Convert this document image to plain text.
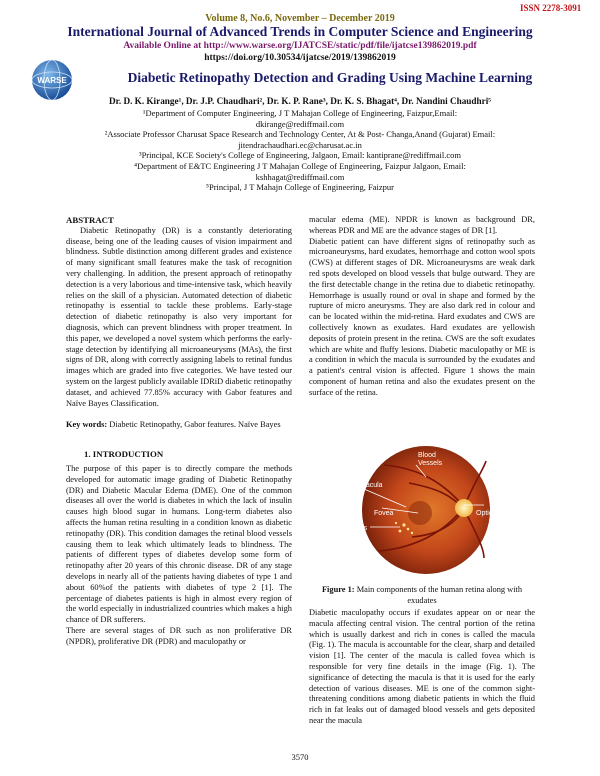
ISSN 2278-3091
Volume 8, No.6, November – December 2019
International Journal of Advanced Trends in Computer Science and Engineering
Available Online at http://www.warse.org/IJATCSE/static/pdf/file/ijatcse139862019.pdf
https://doi.org/10.30534/ijatcse/2019/139862019
WARSE	Diabetic Retinopathy Detection and Grading Using Machine Learning
Dr. D. K. Kirange¹, Dr. J.P. Chaudhari², Dr. K. P. Rane³, Dr. K. S. Bhagat⁴, Dr. Nandini Chaudhri⁵
¹Department of Computer Engineering, J T Mahajan College of Engineering, Faizpur,Email:
dkirange@rediffmail.com
²Associate Professor Charusat Space Research and Technology Center, At & Post- Changa,Anand (Gujarat) Email:
jitendrachaudhari.ec@charusat.ac.in
³Principal, KCE Society's College of Engineering, Jalgaon, Email: kantiprane@rediffmail.com
⁴Department of E&TC Engineering J T Mahajan College of Engineering, Faizpur Jalgaon, Email:
kshhagat@rediffmail.com
⁵Principal, J T Mahajn College of Engineering, Faizpur

ABSTRACT

Diabetic Retinopathy (DR) is a constantly deteriorating disease, being one of the leading causes of vision impairment and blindness. Subtle distinction among different grades and existence of many significant small features make the task of recognition very challenging. In addition, the present approach of retinopathy detection is a very laborious and time-intensive task, which heavily relies on the skill of a physician. Automated detection of diabetic retinopathy is essential to tackle these problems. Early-stage detection of diabetic retinopathy is also very important for diagnosis, which can prevent blindness with proper treatment. In this paper, we developed a novel system which performs the early-stage detection by identifying all microaneurysms (MAs), the first signs of DR, along with correctly assigning labels to retinal fundus images which are graded into five categories. We have tested our system on the largest publicly available IDRiD diabetic retinopathy dataset, and achieved 77.85% accuracy with Gabor features and Naïve Bayes Classification.

Key words: Diabetic Retinopathy, Gabor features. Naïve Bayes

1. INTRODUCTION

The purpose of this paper is to directly compare the methods developed for automatic image grading of Diabetic Retinopathy (DR) and Diabetic Macular Edema (DME). One of the common diseases all over the world is diabetes in which the lack of insulin causes high blood sugar in humans. Long-term diabetes also affects the human retina resulting in a condition known as diabetic retinopathy (DR). This condition damages the retinal blood vessels causing them to leak which ultimately leads to blindness. The patients of different types of diabetes develop some form of retinopathy after 20 years of this chronic disease. DR of any stage develops in nearly all of the patients having diabetes of type 1 and about 60%of the patients with diabetes of type 2 [1]. The percentage of diabetes patients is high in almost every region of the world especially in industrialized countries which makes a high chance of DR sufferers.

There are several stages of DR such as non proliferative DR (NPDR), proliferative DR (PDR) and maculopathy or

macular edema (ME). NPDR is known as background DR, whereas PDR and ME are the advance stages of DR [1].

Diabetic patient can have different signs of retinopathy such as microaneurysms, hard exudates, hemorrhage and cotton wool spots (CWS) at different stages of DR. Microaneurysms are weak dark red spots developed on blood vessels that bulge outward. They are the first detectable change in the retina due to diabetic retinopathy. Hemorrhage is usually round or oval in shape and formed by the rupture of micro aneurysms. They are also dark red in colour and can be located within the mid-retina. Hard exudates and CWS are collectively known as exudates. Hard exudates are yellowish deposits of protein present in the retina. CWS are the soft exudates which are white and fluffy lesions. Diabetic maculopathy or ME is a condition in which the macula is surrounded by the exudates and a patient's central vision is affected. Figure 1 shows the main component of human retina and also the exudates present on the surface of the retina.

Blood
Vessels
Macula
Fovea	Optic Disc
Exudates
Figure 1: Main components of the human retina along with exudates

Diabetic maculopathy occurs if exudates appear on or near the macula affecting central vision. The central portion of the retina which is usually darkest and rich in cones is called the macula (Fig. 1). The macula is accountable for the clear, sharp and detailed vision [1]. The center of the macula is called fovea which is responsible for very fine details in the image (Fig. 1). The significance of detecting the macula is that it is used for the early detection of various diseases. ME is one of the common sight-threatening conditions among diabetic patients in which the fluid rich in fat leaks out of damaged blood vessels and gets deposited near the macula

3570
